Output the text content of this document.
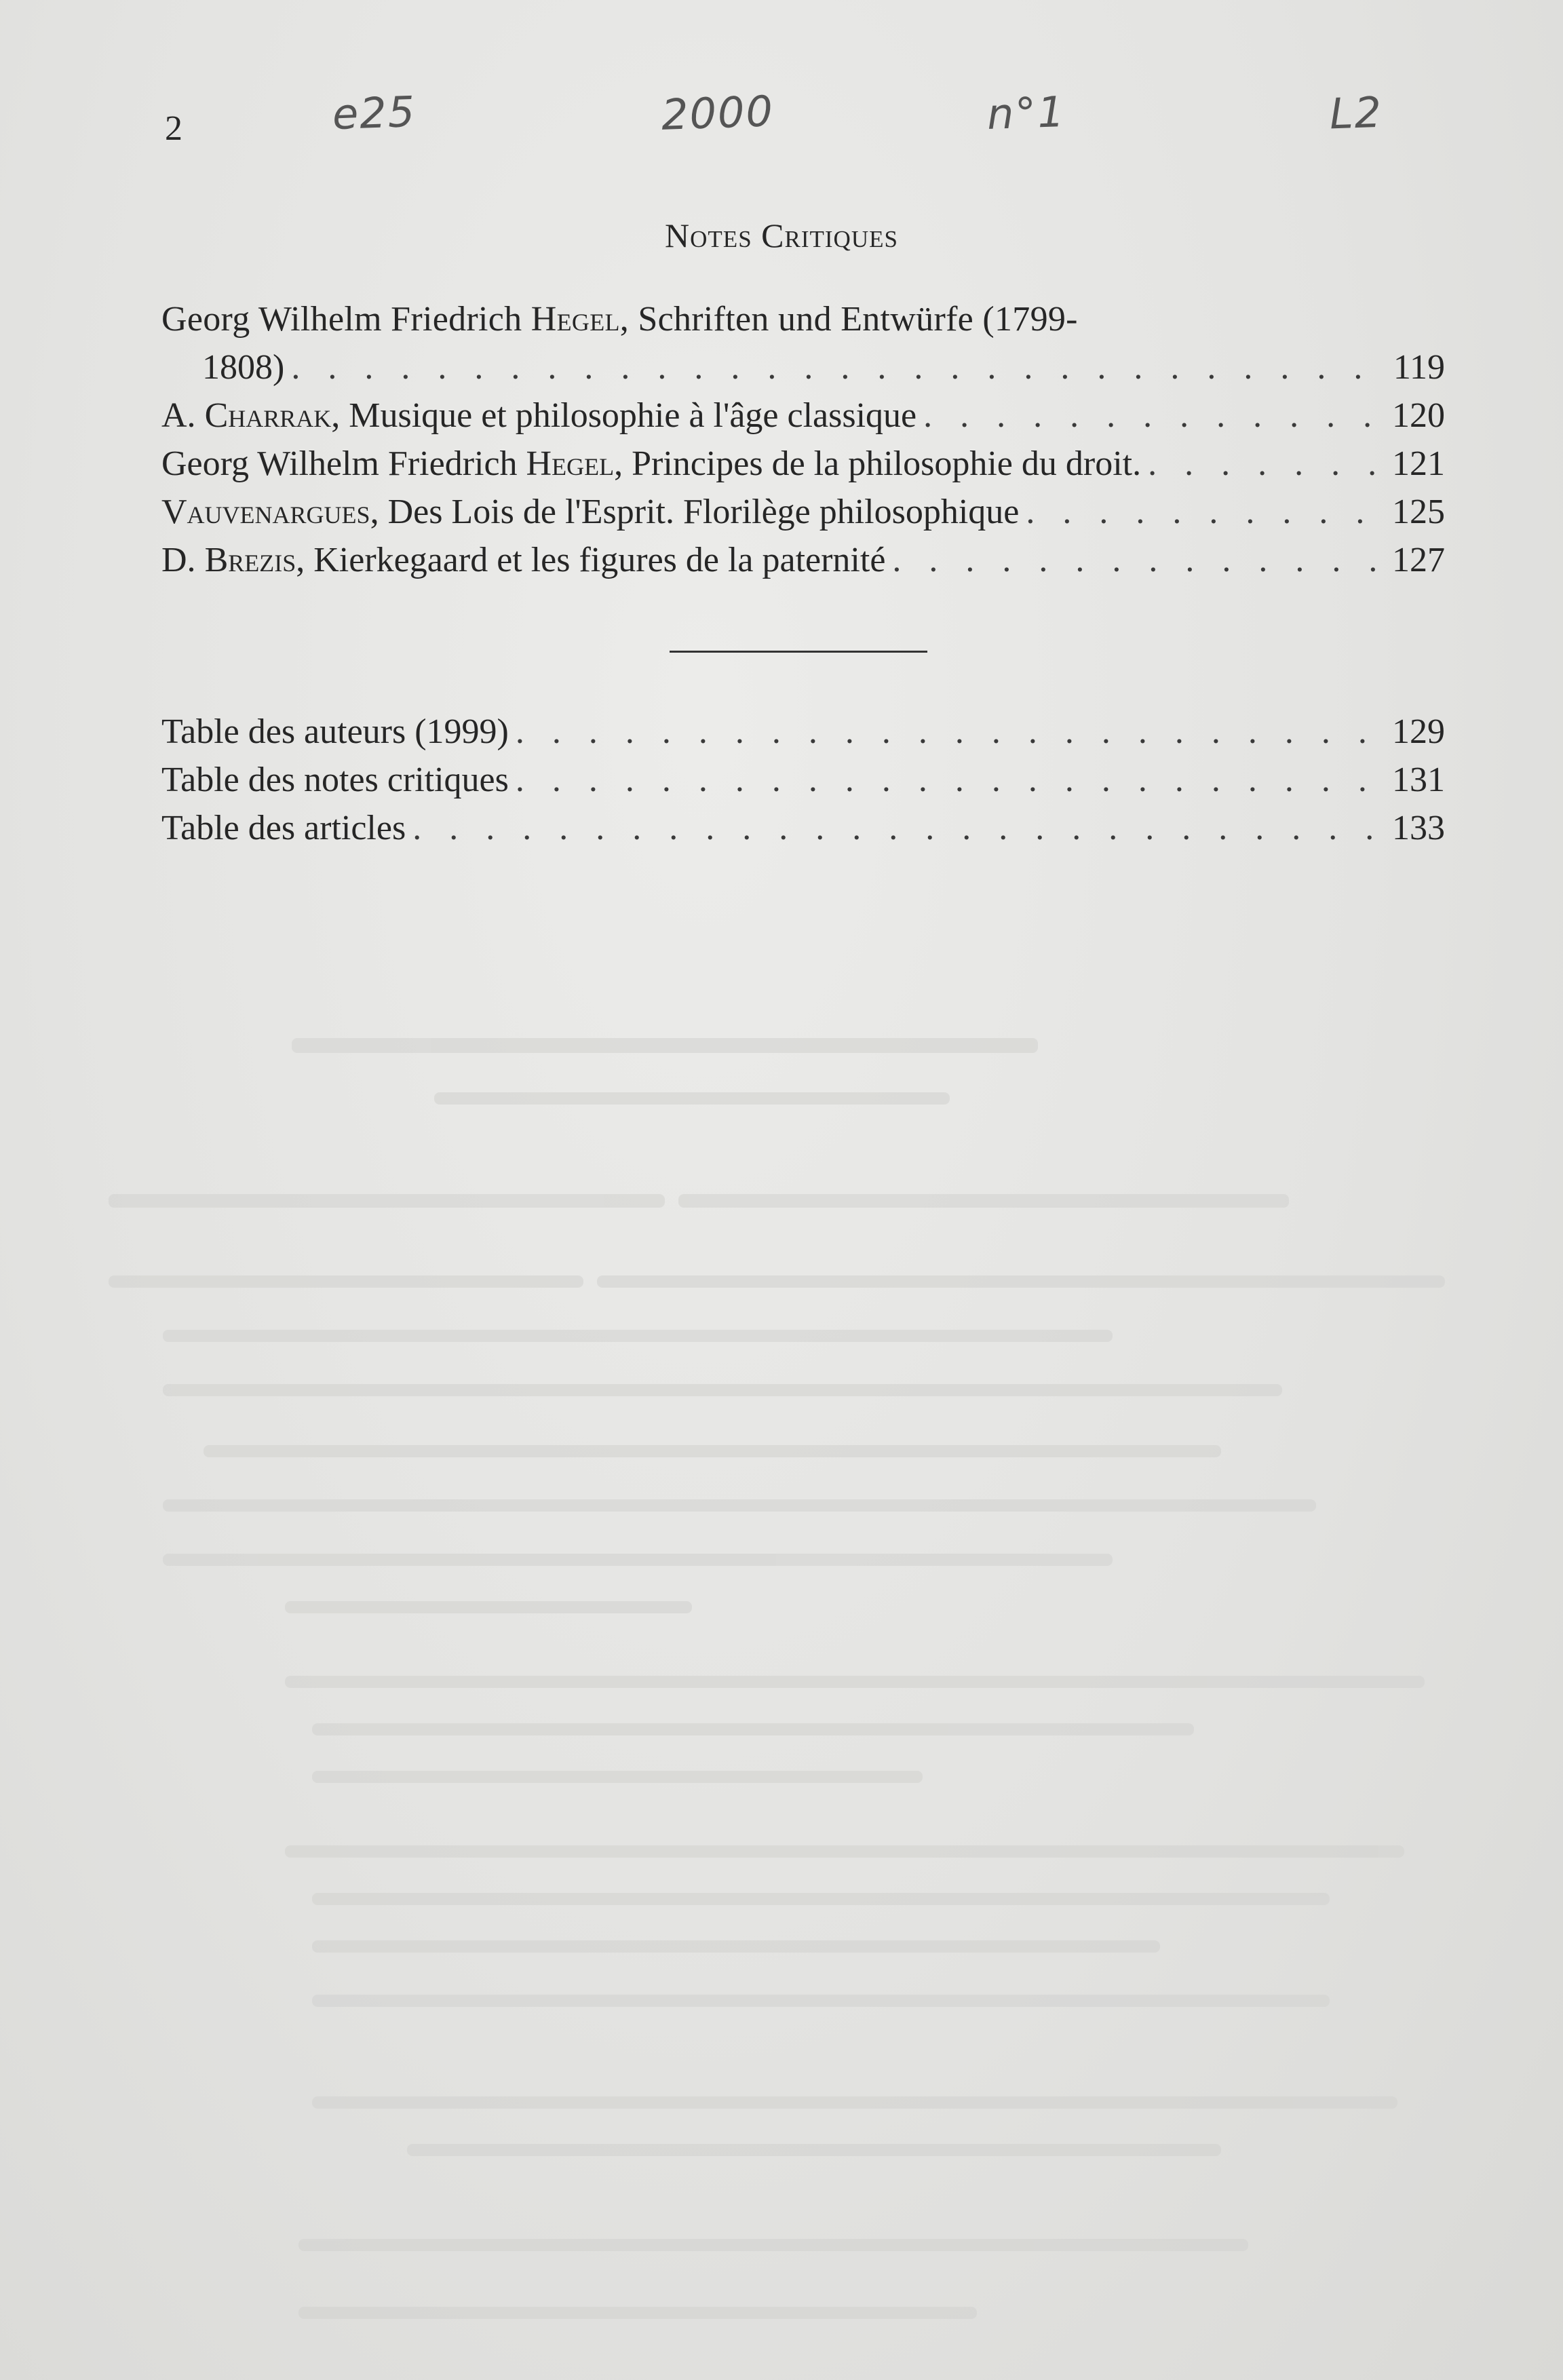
2	e25	2000	n°1	L2
Notes Critiques
Georg Wilhelm Friedrich Hegel, Schriften und Entwürfe (1799-
1808) . . .	119
A. Charrak, Musique et philosophie à l'âge classique . . .	120
Georg Wilhelm Friedrich Hegel, Principes de la philosophie du droit. . . .	121
Vauvenargues, Des Lois de l'Esprit. Florilège philosophique . . .	125
D. Brezis, Kierkegaard et les figures de la paternité . . .	127
Table des auteurs (1999) . . .	129
Table des notes critiques . . .	131
Table des articles . . .	133
